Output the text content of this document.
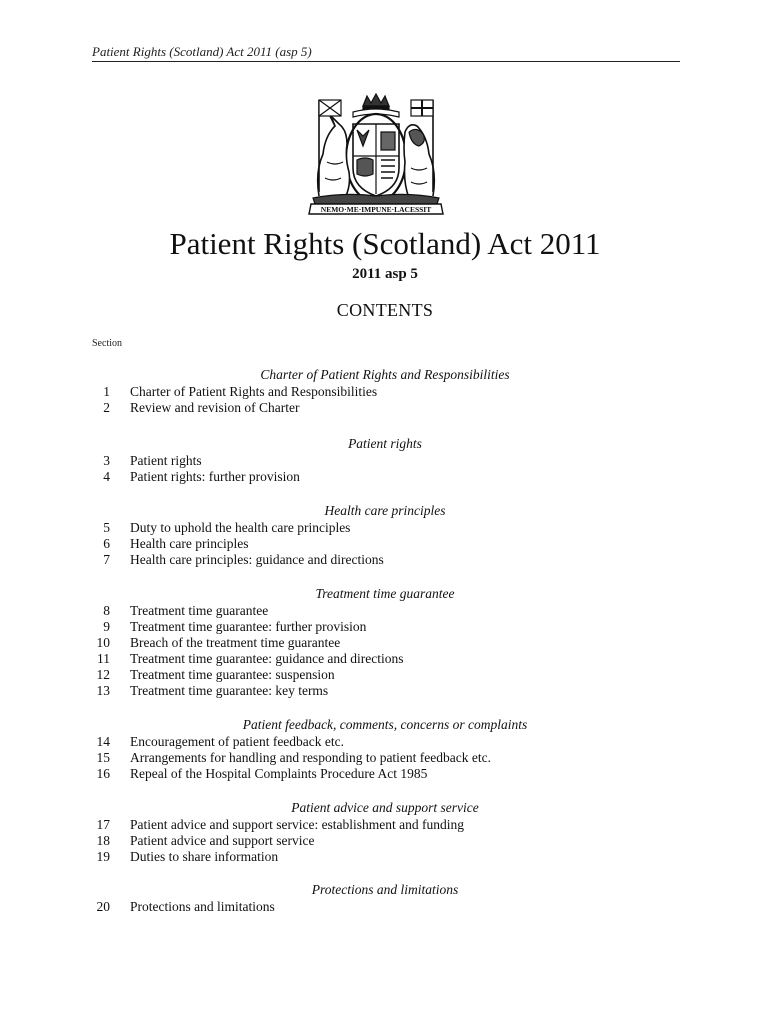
Patient Rights (Scotland) Act 2011 (asp 5)
NEMO·ME·IMPUNE·LACESSIT
Patient Rights (Scotland) Act 2011
2011 asp 5
CONTENTS
Section
Charter of Patient Rights and Responsibilities
1 Charter of Patient Rights and Responsibilities
2 Review and revision of Charter
Patient rights
3 Patient rights
4 Patient rights: further provision
Health care principles
5 Duty to uphold the health care principles
6 Health care principles
7 Health care principles: guidance and directions
Treatment time guarantee
8 Treatment time guarantee
9 Treatment time guarantee: further provision
10 Breach of the treatment time guarantee
11 Treatment time guarantee: guidance and directions
12 Treatment time guarantee: suspension
13 Treatment time guarantee: key terms
Patient feedback, comments, concerns or complaints
14 Encouragement of patient feedback etc.
15 Arrangements for handling and responding to patient feedback etc.
16 Repeal of the Hospital Complaints Procedure Act 1985
Patient advice and support service
17 Patient advice and support service: establishment and funding
18 Patient advice and support service
19 Duties to share information
Protections and limitations
20 Protections and limitations
